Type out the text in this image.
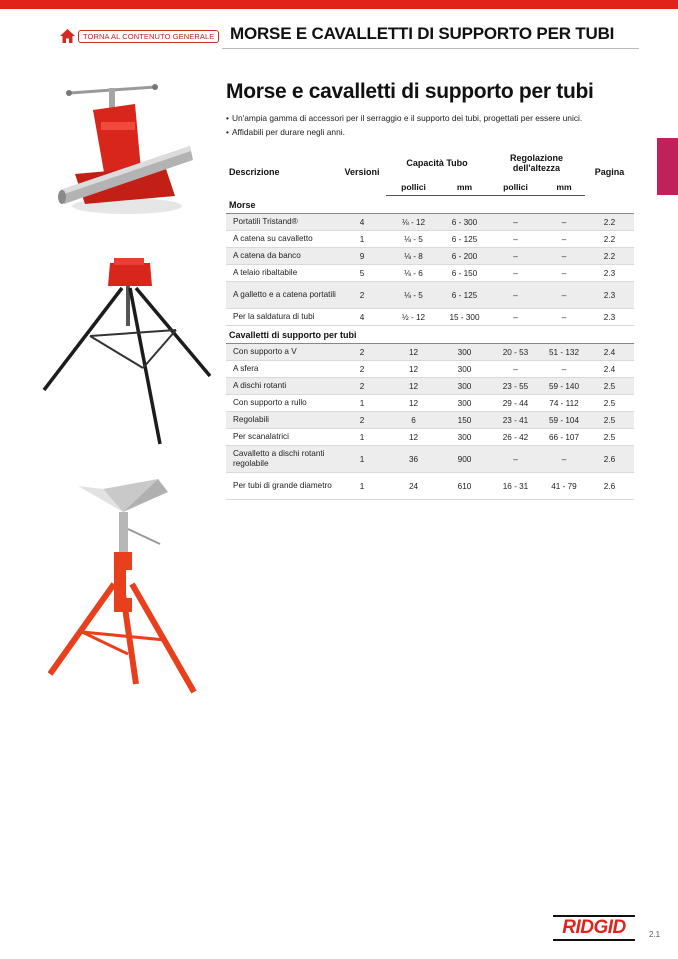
TORNA AL CONTENUTO GENERALE MORSE E CAVALLETTI DI SUPPORTO PER TUBI
Morse e cavalletti di supporto per tubi
• Un'ampia gamma di accessori per il serraggio e il supporto dei tubi, progettati per essere unici.
• Affidabili per durare negli anni.
Descrizione	Versioni	Capacità Tubo		Regolazione dell'altezza		Pagina
		pollici	mm	pollici	mm	
Morse						
Portatili Tristand®	4	⅛ - 12	6 - 300	–	–	2.2
A catena su cavalletto	1	⅛ - 5	6 - 125	–	–	2.2
A catena da banco	9	⅛ - 8	6 - 200	–	–	2.2
A telaio ribaltabile	5	⅛ - 6	6 - 150	–	–	2.3
A galletto e a catena portatili	2	⅛ - 5	6 - 125	–	–	2.3
Per la saldatura di tubi	4	½ - 12	15 - 300	–	–	2.3
Cavalletti di supporto per tubi						
Con supporto a V	2	12	300	20 - 53	51 - 132	2.4
A sfera	2	12	300	–	–	2.4
A dischi rotanti	2	12	300	23 - 55	59 - 140	2.5
Con supporto a rullo	1	12	300	29 - 44	74 - 112	2.5
Regolabili	2	6	150	23 - 41	59 - 104	2.5
Per scanalatrici	1	12	300	26 - 42	66 - 107	2.5
Cavalletto a dischi rotanti regolabile	1	36	900	–	–	2.6
Per tubi di grande diametro	1	24	610	16 - 31	41 - 79	2.6
RIDGID	2.1
